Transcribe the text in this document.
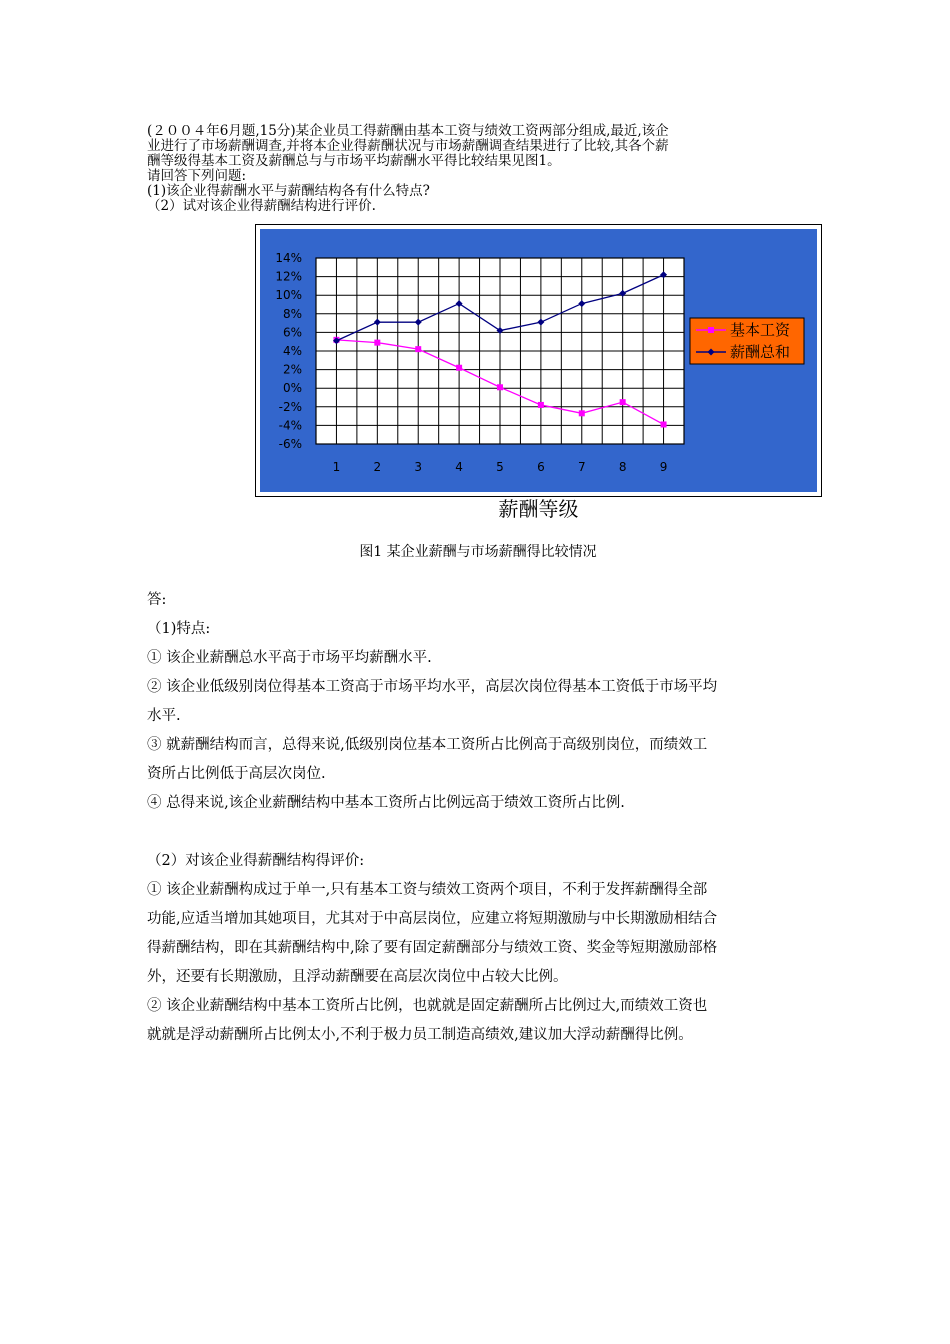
(２００４年6月题,15分)某企业员工得薪酬由基本工资与绩效工资两部分组成,最近,该企

业进行了市场薪酬调查,并将本企业得薪酬状况与市场薪酬调查结果进行了比较,其各个薪

酬等级得基本工资及薪酬总与与市场平均薪酬水平得比较结果见图1。

请回答下列问题:

(1)该企业得薪酬水平与薪酬结构各有什么特点?

（2）试对该企业得薪酬结构进行评价.

14%
12%
10%
8%
6%
4%
2%
0%
-2%
-4%
-6%
1	2	3	4	5	6	7	8	9
基本工资
薪酬总和
薪酬等级
图1 某企业薪酬与市场薪酬得比较情况

答:

（1)特点:

① 该企业薪酬总水平高于市场平均薪酬水平.

② 该企业低级别岗位得基本工资高于市场平均水平，高层次岗位得基本工资低于市场平均

水平.

③ 就薪酬结构而言，总得来说,低级别岗位基本工资所占比例高于高级别岗位，而绩效工

资所占比例低于高层次岗位.

④ 总得来说,该企业薪酬结构中基本工资所占比例远高于绩效工资所占比例.

（2）对该企业得薪酬结构得评价:

① 该企业薪酬构成过于单一,只有基本工资与绩效工资两个项目，不利于发挥薪酬得全部

功能,应适当增加其她项目，尤其对于中高层岗位，应建立将短期激励与中长期激励相结合

得薪酬结构，即在其薪酬结构中,除了要有固定薪酬部分与绩效工资、奖金等短期激励部格

外，还要有长期激励，且浮动薪酬要在高层次岗位中占较大比例。

② 该企业薪酬结构中基本工资所占比例，也就就是固定薪酬所占比例过大,而绩效工资也

就就是浮动薪酬所占比例太小,不利于极力员工制造高绩效,建议加大浮动薪酬得比例。
